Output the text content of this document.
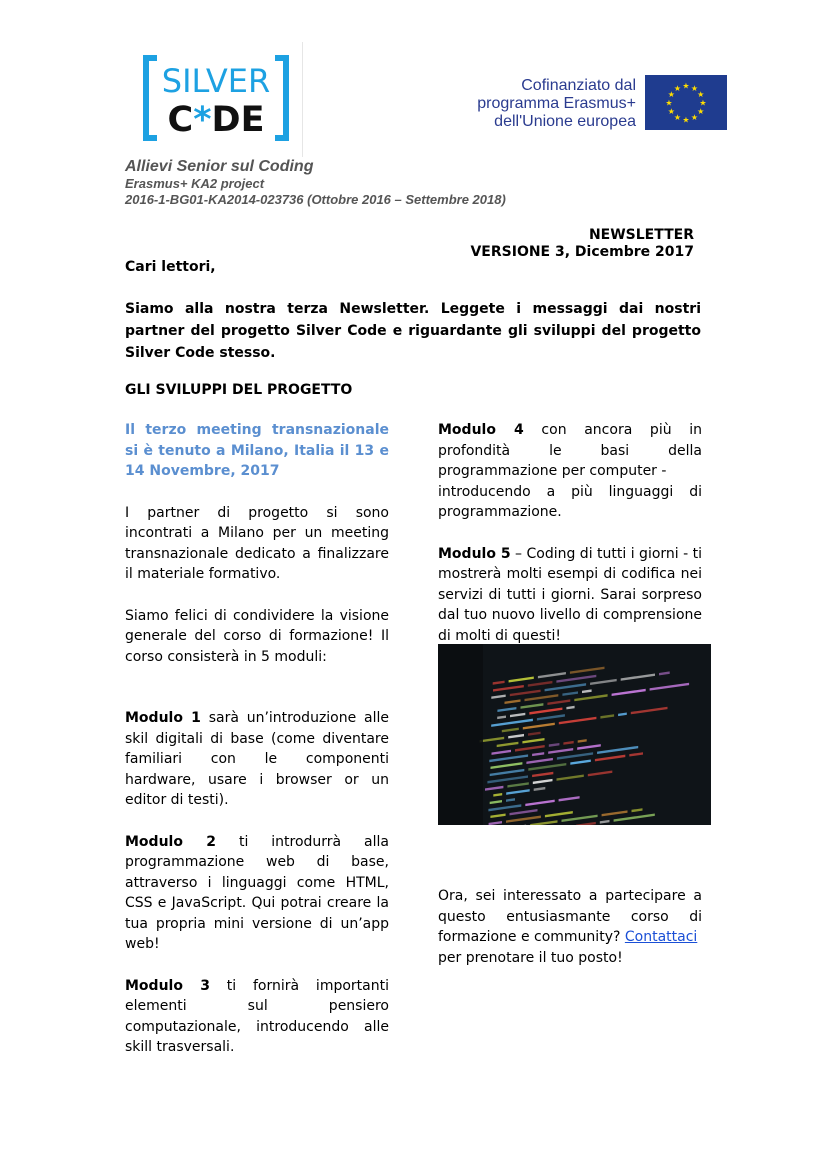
SILVER
C*DE
Cofinanziato dal
programma Erasmus+
dell'Unione europea
★ ★
★
★
★
★
★
★
★
★
★
★
Allievi Senior sul Coding
Erasmus+ KA2 project
2016-1-BG01-KA2014-023736 (Ottobre 2016 – Settembre 2018)
NEWSLETTER
VERSIONE 3, Dicembre 2017
Cari lettori,
Siamo alla nostra terza Newsletter. Leggete i messaggi dai nostri partner del progetto Silver Code e riguardante gli sviluppi del progetto Silver Code stesso.
GLI SVILUPPI DEL PROGETTO

Il terzo meeting transnazionale si è tenuto a Milano, Italia il 13 e 14 Novembre, 2017

I partner di progetto si sono incontrati a Milano per un meeting transnazionale dedicato a finalizzare il materiale formativo.

Siamo felici di condividere la visione generale del corso di formazione! Il corso consisterà in 5 moduli:

Modulo 1 sarà un’introduzione alle skil digitali di base (come diventare familiari con le componenti hardware, usare i browser or un editor di testi).

Modulo 2 ti introdurrà alla programmazione web di base, attraverso i linguaggi come HTML, CSS e JavaScript. Qui potrai creare la tua propria mini versione di un’app web!

Modulo 3 ti fornirà importanti elementi sul pensiero computazionale, introducendo alle skill trasversali.

Modulo 4 con ancora più in profondità le basi della programmazione per computer -

introducendo a più linguaggi di programmazione.

Modulo 5 – Coding di tutti i giorni - ti mostrerà molti esempi di codifica nei servizi di tutti i giorni. Sarai sorpreso dal tuo nuovo livello di comprensione di molti di questi!

Ora, sei interessato a partecipare a questo entusiasmante corso di formazione e community? Contattaci
per prenotare il tuo posto!
